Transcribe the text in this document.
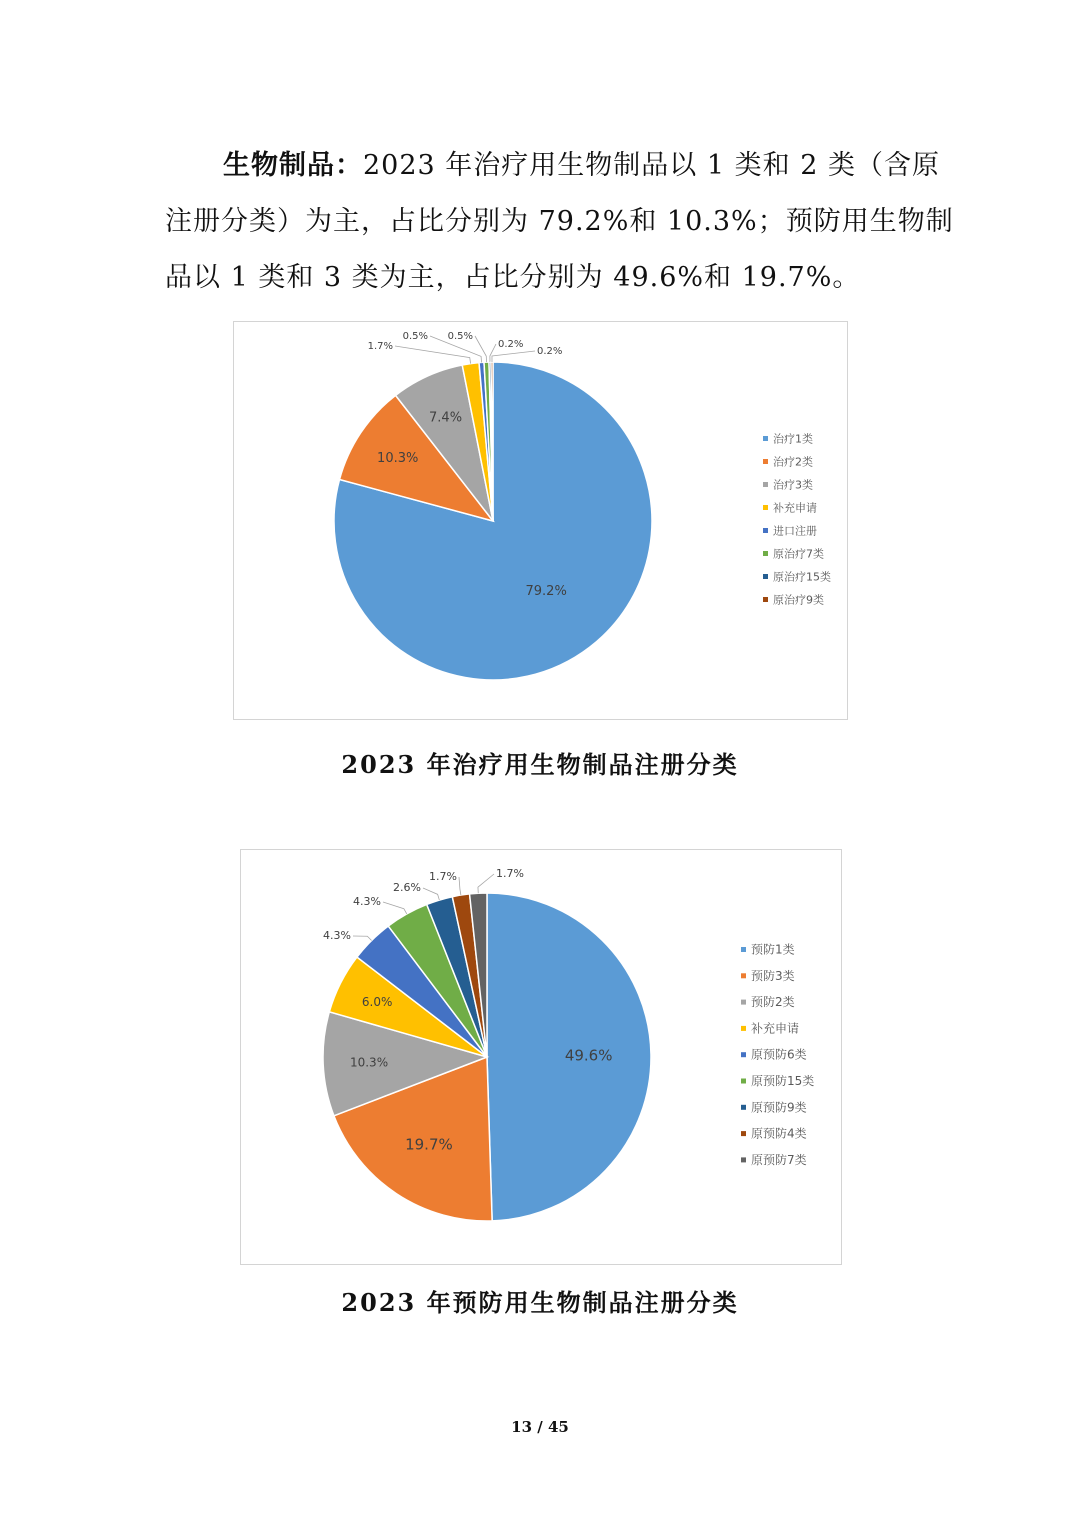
生物制品：2023 年治疗用生物制品以 1 类和 2 类（含原
注册分类）为主，占比分别为 79.2%和 10.3%；预防用生物制
品以 1 类和 3 类为主，占比分别为 49.6%和 19.7%。
79.2%
10.3%
7.4%
1.7%
0.5% 0.5%
0.2%
0.2%
治疗1类
治疗2类
治疗3类
补充申请
进口注册
原治疗7类
原治疗15类
原治疗9类
2023 年治疗用生物制品注册分类
49.6%
19.7%
10.3%
6.0%
4.3%
4.3%
2.6%
1.7%	1.7%
预防1类
预防3类
预防2类
补充申请
原预防6类
原预防15类
原预防9类
原预防4类
原预防7类
2023 年预防用生物制品注册分类
13 / 45
